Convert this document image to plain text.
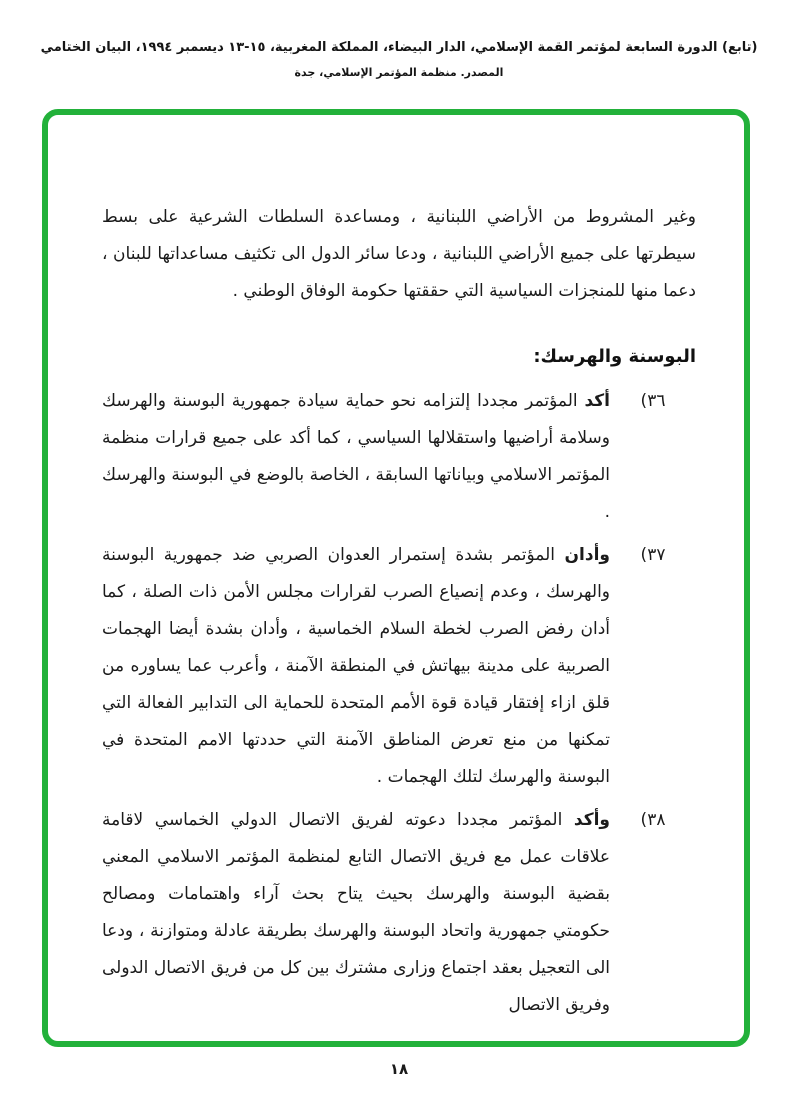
(تابع) الدورة السابعة لمؤتمر القمة الإسلامي، الدار البيضاء، المملكة المغربية، ١٣‎-‎١٥ ديسمبر ١٩٩٤، البيان الختامي
المصدر. منظمة المؤتمر الإسلامي، جدة

وغير المشروط من الأراضي اللبنانية ، ومساعدة السلطات الشرعية على بسط سيطرتها على جميع الأراضي اللبنانية ، ودعا سائر الدول الى تكثيف مساعداتها للبنان ، دعما منها للمنجزات السياسية التي حققتها حكومة الوفاق الوطني .

البوسنة والهرسك:
٣٦)
أكد المؤتمر مجددا إلتزامه نحو حماية سيادة جمهورية البوسنة والهرسك وسلامة أراضيها واستقلالها السياسي ، كما أكد على جميع قرارات منظمة المؤتمر الاسلامي وبياناتها السابقة ، الخاصة بالوضع في البوسنة والهرسك .
٣٧)
وأدان المؤتمر بشدة إستمرار العدوان الصربي ضد جمهورية البوسنة والهرسك ، وعدم إنصياع الصرب لقرارات مجلس الأمن ذات الصلة ، كما أدان رفض الصرب لخطة السلام الخماسية ، وأدان بشدة أيضا الهجمات الصربية على مدينة بيهاتش في المنطقة الآمنة ، وأعرب عما يساوره من قلق ازاء إفتقار قيادة قوة الأمم المتحدة للحماية الى التدابير الفعالة التي تمكنها من منع تعرض المناطق الآمنة التي حددتها الامم المتحدة في البوسنة والهرسك لتلك الهجمات .
٣٨)
وأكد المؤتمر مجددا دعوته لفريق الاتصال الدولي الخماسي لاقامة علاقات عمل مع فريق الاتصال التابع لمنظمة المؤتمر الاسلامي المعني بقضية البوسنة والهرسك بحيث يتاح بحث آراء واهتمامات ومصالح حكومتي جمهورية واتحاد البوسنة والهرسك بطريقة عادلة ومتوازنة ، ودعا الى التعجيل بعقد اجتماع وزارى مشترك بين كل من فريق الاتصال الدولى وفريق الاتصال
١٨
